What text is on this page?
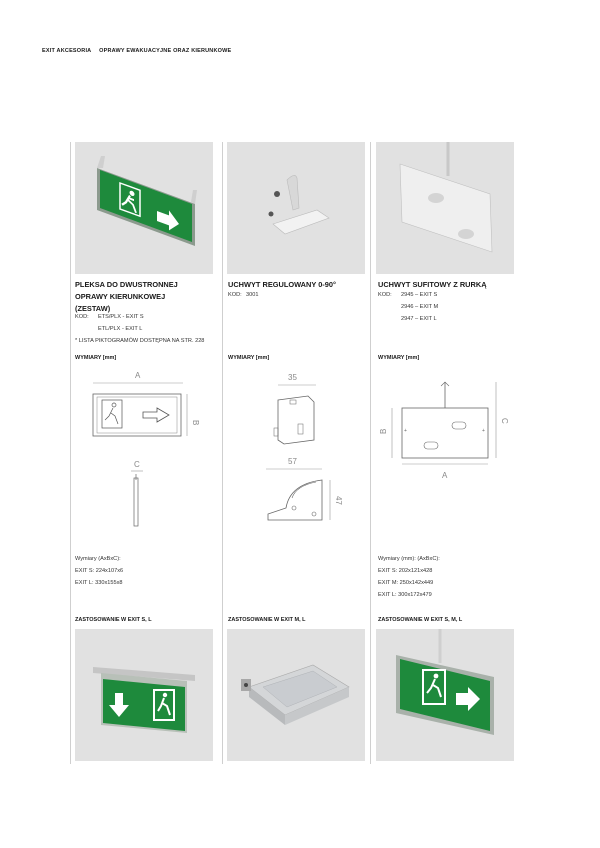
EXIT AKCESORIA OPRAWY EWAKUACYJNE ORAZ KIERUNKOWE
PLEKSA DO DWUSTRONNEJ
OPRAWY KIERUNKOWEJ
(ZESTAW)
KOD: ETS/PLX - EXIT S
ETL/PLX - EXIT L
* LISTA PIKTOGRAMÓW DOSTĘPNA NA STR. 228
WYMIARY [mm]
A
B
C
Wymiary (AxBxC):
EXIT S: 224x107x6
EXIT L: 330x155x8
ZASTOSOWANIE W EXIT S, L
UCHWYT REGULOWANY 0-90°
KOD: 3001
WYMIARY [mm]
35
57
47
ZASTOSOWANIE W EXIT M, L
UCHWYT SUFITOWY Z RURKĄ
KOD: 2945 – EXIT S
2946 – EXIT M
2947 – EXIT L
WYMIARY [mm]
+	+
B
A
C
Wymiary (mm): (AxBxC):
EXIT S: 202x121x428
EXIT M: 250x142x449
EXIT L: 300x172x479
ZASTOSOWANIE W EXIT S, M, L
